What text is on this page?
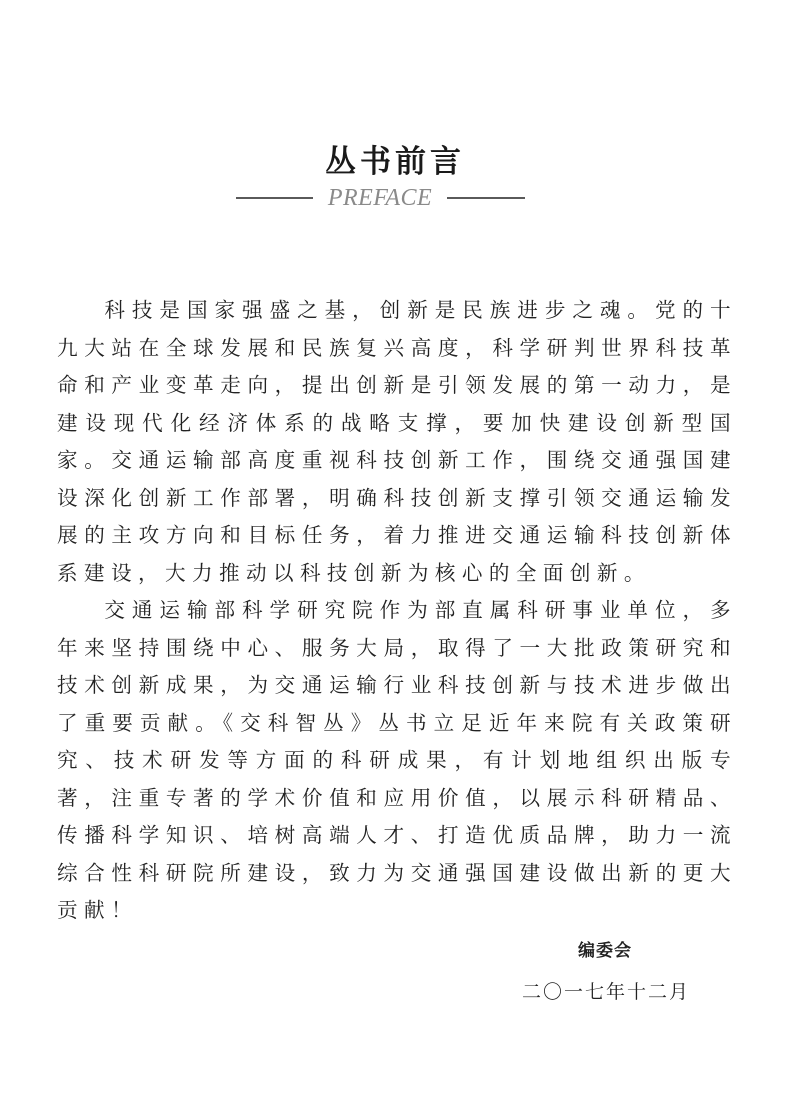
丛书前言
PREFACE

科技是国家强盛之基，创新是民族进步之魂。党的十九大站在全球发展和民族复兴高度，科学研判世界科技革命和产业变革走向，提出创新是引领发展的第一动力，是建设现代化经济体系的战略支撑，要加快建设创新型国家。交通运输部高度重视科技创新工作，围绕交通强国建设深化创新工作部署，明确科技创新支撑引领交通运输发展的主攻方向和目标任务，着力推进交通运输科技创新体系建设，大力推动以科技创新为核心的全面创新。

交通运输部科学研究院作为部直属科研事业单位，多年来坚持围绕中心、服务大局，取得了一大批政策研究和技术创新成果，为交通运输行业科技创新与技术进步做出了重要贡献。《交科智丛》丛书立足近年来院有关政策研究、技术研发等方面的科研成果，有计划地组织出版专著，注重专著的学术价值和应用价值，以展示科研精品、传播科学知识、培树高端人才、打造优质品牌，助力一流综合性科研院所建设，致力为交通强国建设做出新的更大贡献！

编委会
二〇一七年十二月
